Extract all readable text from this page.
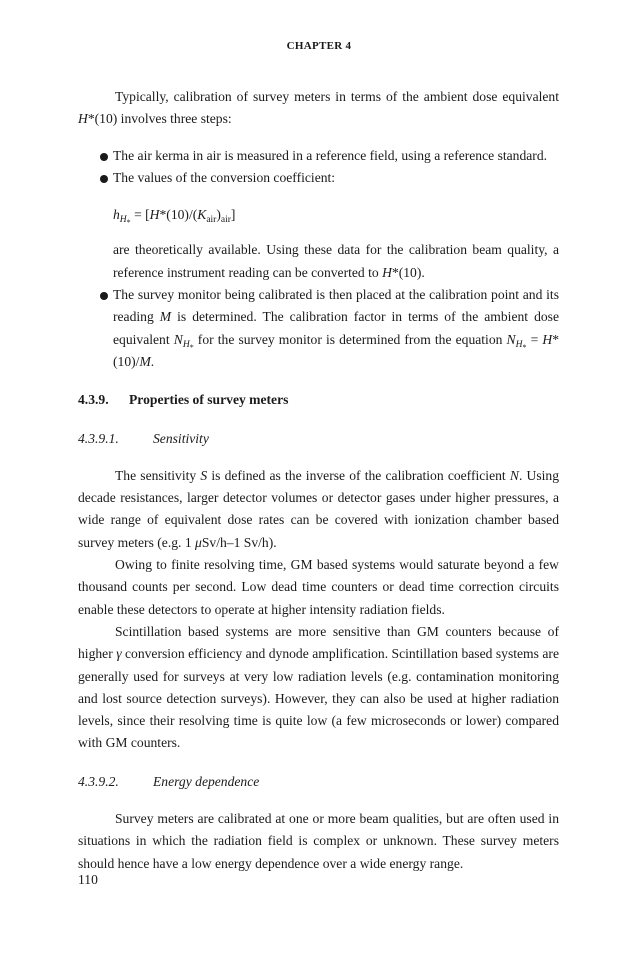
CHAPTER 4

Typically, calibration of survey meters in terms of the ambient dose equivalent H*(10) involves three steps:

The air kerma in air is measured in a reference field, using a reference standard.
The values of the conversion coefficient:
$h_{H_*} = [H*(10)/(K_{air})_{air}]$
are theoretically available. Using these data for the calibration beam quality, a reference instrument reading can be converted to H*(10).
The survey monitor being calibrated is then placed at the calibration point and its reading M is determined. The calibration factor in terms of the ambient dose equivalent $N_{H_*}$ for the survey monitor is determined from the equation $N_{H_*} = H*(10)/M$.

4.3.9. Properties of survey meters

4.3.9.1.	Sensitivity

The sensitivity S is defined as the inverse of the calibration coefficient N. Using decade resistances, larger detector volumes or detector gases under higher pressures, a wide range of equivalent dose rates can be covered with ionization chamber based survey meters (e.g. 1 μSv/h–1 Sv/h).

Owing to finite resolving time, GM based systems would saturate beyond a few thousand counts per second. Low dead time counters or dead time correction circuits enable these detectors to operate at higher intensity radiation fields.

Scintillation based systems are more sensitive than GM counters because of higher γ conversion efficiency and dynode amplification. Scintillation based systems are generally used for surveys at very low radiation levels (e.g. contamination monitoring and lost source detection surveys). However, they can also be used at higher radiation levels, since their resolving time is quite low (a few microseconds or lower) compared with GM counters.

4.3.9.2.	Energy dependence

Survey meters are calibrated at one or more beam qualities, but are often used in situations in which the radiation field is complex or unknown. These survey meters should hence have a low energy dependence over a wide energy range.

110
